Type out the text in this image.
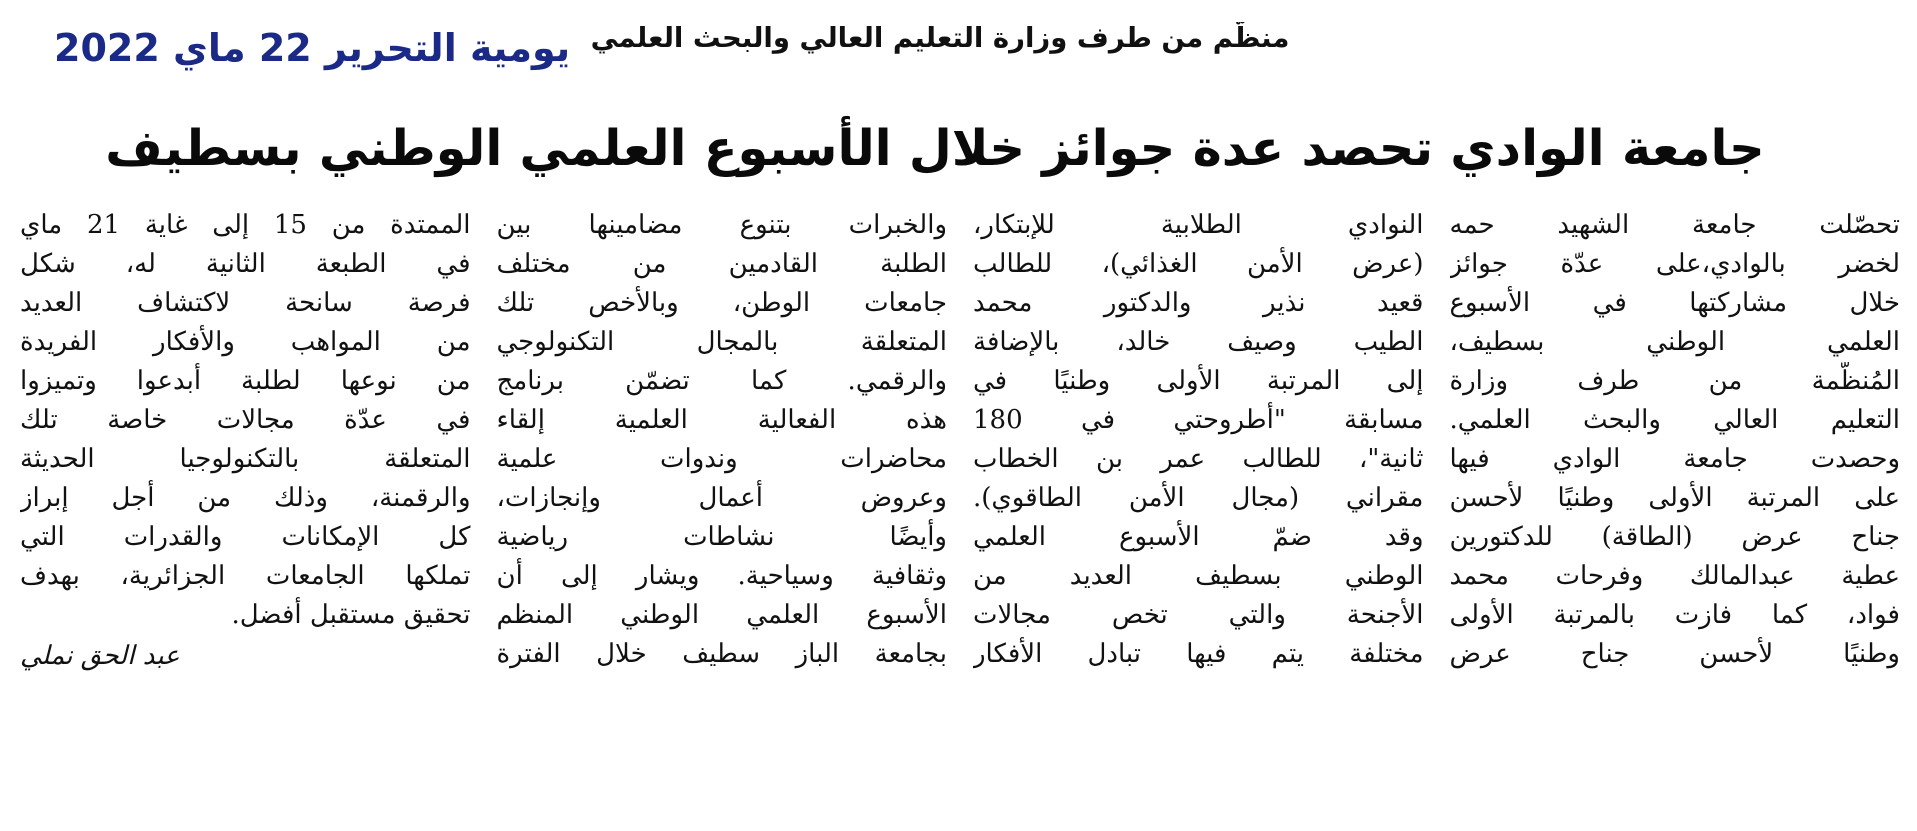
يومية التحرير 22 ماي 2022 منظّم من طرف وزارة التعليم العالي والبحث العلمي
جامعة الوادي تحصد عدة جوائز خلال الأسبوع العلمي الوطني بسطيف
تحصّلت جامعة الشهيد حمه
لخضر بالوادي،على عدّة جوائز
خلال مشاركتها في الأسبوع
العلمي الوطني بسطيف،
المُنظّمة من طرف وزارة
التعليم العالي والبحث العلمي.
وحصدت جامعة الوادي فيها
على المرتبة الأولى وطنيًا لأحسن
جناح عرض (الطاقة) للدكتورين
عطية عبدالمالك وفرحات محمد
فواد، كما فازت بالمرتبة الأولى
وطنيًا لأحسن جناح عرض
النوادي الطلابية للإبتكار،
(عرض الأمن الغذائي)، للطالب
قعيد نذير والدكتور محمد
الطيب وصيف خالد، بالإضافة
إلى المرتبة الأولى وطنيًا في
مسابقة "أطروحتي في 180
ثانية"، للطالب عمر بن الخطاب
مقراني (مجال الأمن الطاقوي).
وقد ضمّ الأسبوع العلمي
الوطني بسطيف العديد من
الأجنحة والتي تخص مجالات
مختلفة يتم فيها تبادل الأفكار
والخبرات بتنوع مضامينها بين
الطلبة القادمين من مختلف
جامعات الوطن، وبالأخص تلك
المتعلقة بالمجال التكنولوجي
والرقمي. كما تضمّن برنامج
هذه الفعالية العلمية إلقاء
محاضرات وندوات علمية
وعروض أعمال وإنجازات،
وأيضًا نشاطات رياضية
وثقافية وسياحية. ويشار إلى أن
الأسبوع العلمي الوطني المنظم
بجامعة الباز سطيف خلال الفترة
الممتدة من 15 إلى غاية 21 ماي
في الطبعة الثانية له، شكل
فرصة سانحة لاكتشاف العديد
من المواهب والأفكار الفريدة
من نوعها لطلبة أبدعوا وتميزوا
في عدّة مجالات خاصة تلك
المتعلقة بالتكنولوجيا الحديثة
والرقمنة، وذلك من أجل إبراز
كل الإمكانات والقدرات التي
تملكها الجامعات الجزائرية، بهدف
تحقيق مستقبل أفضل.
عبد الحق نملي
